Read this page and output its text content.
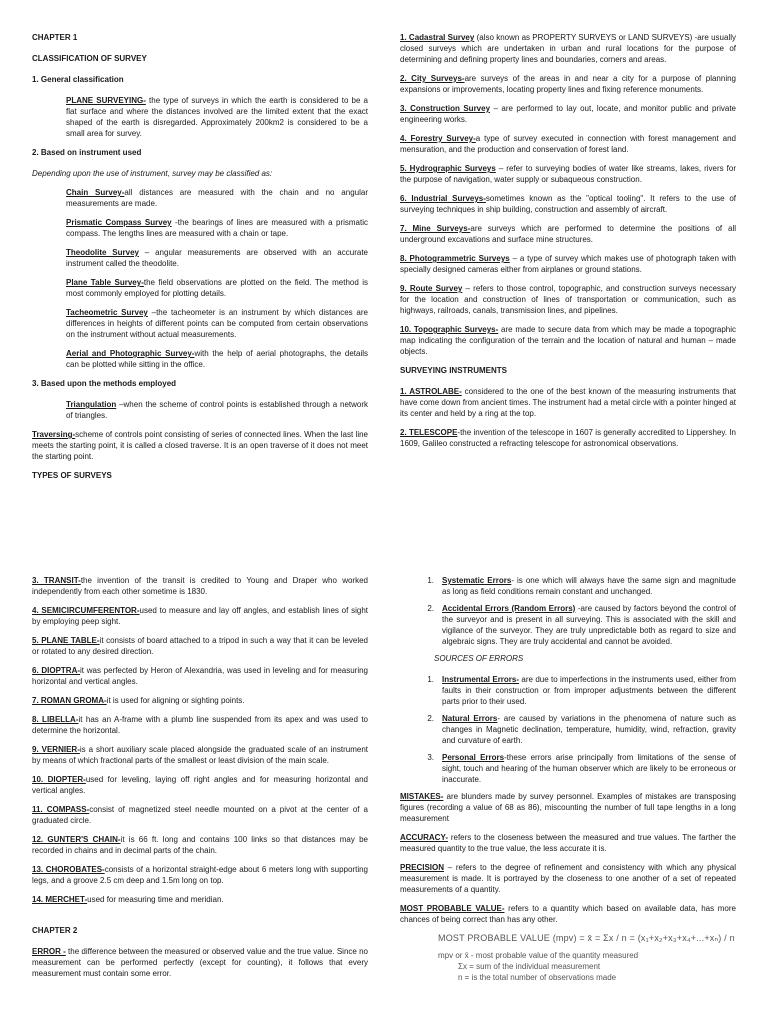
CHAPTER 1

CLASSIFICATION OF SURVEY

1. General classification

PLANE SURVEYING- the type of surveys in which the earth is considered to be a flat surface and where the distances involved are the limited extent that the exact shaped of the earth is disregarded. Approximately 200km2 is considered to be a small area for survey.

2. Based on instrument used

Depending upon the use of instrument, survey may be classified as:

Chain Survey-all distances are measured with the chain and no angular measurements are made.

Prismatic Compass Survey -the bearings of lines are measured with a prismatic compass. The lengths lines are measured with a chain or tape.

Theodolite Survey – angular measurements are observed with an accurate instrument called the theodolite.

Plane Table Survey-the field observations are plotted on the field. The method is most commonly employed for plotting details.

Tacheometric Survey –the tacheometer is an instrument by which distances are differences in heights of different points can be computed from certain observations on the instrument without actual measurements.

Aerial and Photographic Survey-with the help of aerial photographs, the details can be plotted while sitting in the office.

3. Based upon the methods employed

Triangulation –when the scheme of control points is established through a network of triangles.

Traversing-scheme of controls point consisting of series of connected lines. When the last line meets the starting point, it is called a closed traverse. It is an open traverse of it does not meet the starting point.

TYPES OF SURVEYS

1. Cadastral Survey (also known as PROPERTY SURVEYS or LAND SURVEYS) -are usually closed surveys which are undertaken in urban and rural locations for the purpose of determining and defining property lines and boundaries, corners and areas.

2. City Surveys-are surveys of the areas in and near a city for a purpose of planning expansions or improvements, locating property lines and fixing reference monuments.

3. Construction Survey – are performed to lay out, locate, and monitor public and private engineering works.

4. Forestry Survey-a type of survey executed in connection with forest management and mensuration, and the production and conservation of forest land.

5. Hydrographic Surveys – refer to surveying bodies of water like streams, lakes, rivers for the purpose of navigation, water supply or subaqueous construction.

6. Industrial Surveys-sometimes known as the "optical tooling". It refers to the use of surveying techniques in ship building, construction and assembly of aircraft.

7. Mine Surveys-are surveys which are performed to determine the positions of all underground excavations and surface mine structures.

8. Photogrammetric Surveys – a type of survey which makes use of photograph taken with specially designed cameras either from airplanes or ground stations.

9. Route Survey – refers to those control, topographic, and construction surveys necessary for the location and construction of lines of transportation or communication, such as highways, railroads, canals, transmission lines, and pipelines.

10. Topographic Surveys- are made to secure data from which may be made a topographic map indicating the configuration of the terrain and the location of natural and human – made objects.

SURVEYING INSTRUMENTS

1. ASTROLABE- considered to the one of the best known of the measuring instruments that have come down from ancient times. The instrument had a metal circle with a pointer hinged at its center and held by a ring at the top.

2. TELESCOPE-the invention of the telescope in 1607 is generally accredited to Lippershey. In 1609, Galileo constructed a refracting telescope for astronomical observations.

3. TRANSIT-the invention of the transit is credited to Young and Draper who worked independently from each other sometime is 1830.

4. SEMICIRCUMFERENTOR-used to measure and lay off angles, and establish lines of sight by employing peep sight.

5. PLANE TABLE-it consists of board attached to a tripod in such a way that it can be leveled or rotated to any desired direction.

6. DIOPTRA-it was perfected by Heron of Alexandria, was used in leveling and for measuring horizontal and vertical angles.

7. ROMAN GROMA-it is used for aligning or sighting points.

8. LIBELLA-it has an A-frame with a plumb line suspended from its apex and was used to determine the horizontal.

9. VERNIER-is a short auxiliary scale placed alongside the graduated scale of an instrument by means of which fractional parts of the smallest or least division of the main scale.

10. DIOPTER-used for leveling, laying off right angles and for measuring horizontal and vertical angles.

11. COMPASS-consist of magnetized steel needle mounted on a pivot at the center of a graduated circle.

12. GUNTER'S CHAIN-it is 66 ft. long and contains 100 links so that distances may be recorded in chains and in decimal parts of the chain.

13. CHOROBATES-consists of a horizontal straight-edge about 6 meters long with supporting legs, and a groove 2.5 cm deep and 1.5m long on top.

14. MERCHET-used for measuring time and meridian.

CHAPTER 2

ERROR - the difference between the measured or observed value and the true value. Since no measurement can be performed perfectly (except for counting), it follows that every measurement must contain some error.

1.	Systematic Errors- is one which will always have the same sign and magnitude as long as field conditions remain constant and unchanged.
2.	Accidental Errors (Random Errors) -are caused by factors beyond the control of the surveyor and is present in all surveying. This is associated with the skill and vigilance of the surveyor. They are truly unpredictable both as regard to size and algebraic signs. They are truly accidental and cannot be avoided.

SOURCES OF ERRORS

1.	Instrumental Errors- are due to imperfections in the instruments used, either from faults in their construction or from improper adjustments between the different parts prior to their used.
2.	Natural Errors- are caused by variations in the phenomena of nature such as changes in Magnetic declination, temperature, humidity, wind, refraction, gravity and curvature of earth.
3.	Personal Errors-these errors arise principally from limitations of the sense of sight, touch and hearing of the human observer which are likely to be erroneous or inaccurate.

MISTAKES- are blunders made by survey personnel. Examples of mistakes are transposing figures (recording a value of 68 as 86), miscounting the number of full tape lengths in a long measurement

ACCURACY- refers to the closeness between the measured and true values. The farther the measured quantity to the true value, the less accurate it is.

PRECISION – refers to the degree of refinement and consistency with which any physical measurement is made. It is portrayed by the closeness to one another of a set of repeated measurements of a quantity.

MOST PROBABLE VALUE- refers to a quantity which based on available data, has more chances of being correct than has any other.

MOST PROBABLE VALUE (mpv) = x̄ = Σx / n = (x₁+x₂+x₃+x₄+...+xₙ) / n

mpv or x̄ - most probable value of the quantity measured

Σx = sum of the individual measurement

n = is the total number of observations made
